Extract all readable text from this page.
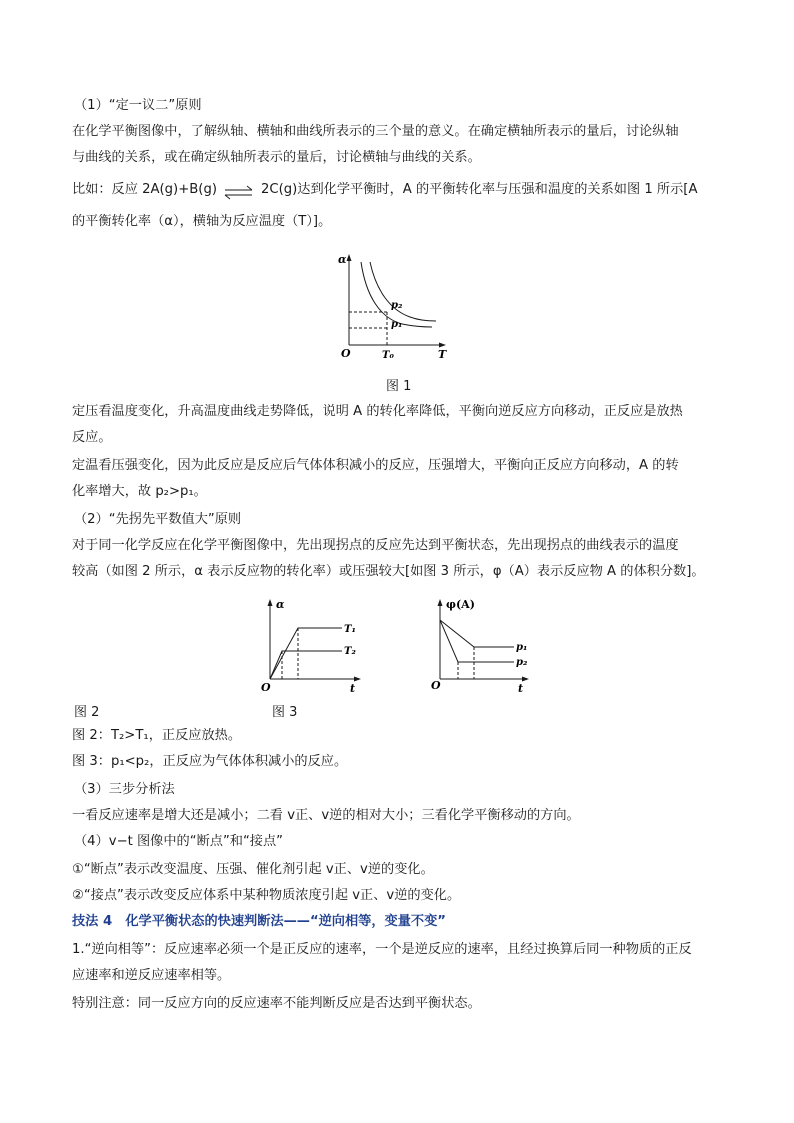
（1）“定一议二”原则
在化学平衡图像中，了解纵轴、横轴和曲线所表示的三个量的意义。在确定横轴所表示的量后，讨论纵轴
与曲线的关系，或在确定纵轴所表示的量后，讨论横轴与曲线的关系。
比如：反应 2A(g)+B(g) ⇌ 2C(g)达到化学平衡时，A 的平衡转化率与压强和温度的关系如图 1 所示[A
的平衡转化率（α），横轴为反应温度（T）]。
α
T
O	T₀
p₂
p₁
图 1
定压看温度变化，升高温度曲线走势降低，说明 A 的转化率降低，平衡向逆反应方向移动，正反应是放热
反应。
定温看压强变化，因为此反应是反应后气体体积减小的反应，压强增大，平衡向正反应方向移动，A 的转
化率增大，故 p₂>p₁。
（2）“先拐先平数值大”原则
对于同一化学反应在化学平衡图像中，先出现拐点的反应先达到平衡状态，先出现拐点的曲线表示的温度
较高（如图 2 所示，α 表示反应物的转化率）或压强较大[如图 3 所示，φ（A）表示反应物 A 的体积分数]。
α
t
O
T₁
T₂
φ(A)
t
O
p₁
p₂
图 2	图 3
图 2：T₂>T₁，正反应放热。
图 3：p₁<p₂，正反应为气体体积减小的反应。
（3）三步分析法
一看反应速率是增大还是减小；二看 v正、v逆的相对大小；三看化学平衡移动的方向。
（4）v−t 图像中的“断点”和“接点”
①“断点”表示改变温度、压强、催化剂引起 v正、v逆的变化。
②“接点”表示改变反应体系中某种物质浓度引起 v正、v逆的变化。
技法 4　化学平衡状态的快速判断法——“逆向相等，变量不变”
1.“逆向相等”：反应速率必须一个是正反应的速率，一个是逆反应的速率，且经过换算后同一种物质的正反
应速率和逆反应速率相等。
特别注意：同一反应方向的反应速率不能判断反应是否达到平衡状态。
